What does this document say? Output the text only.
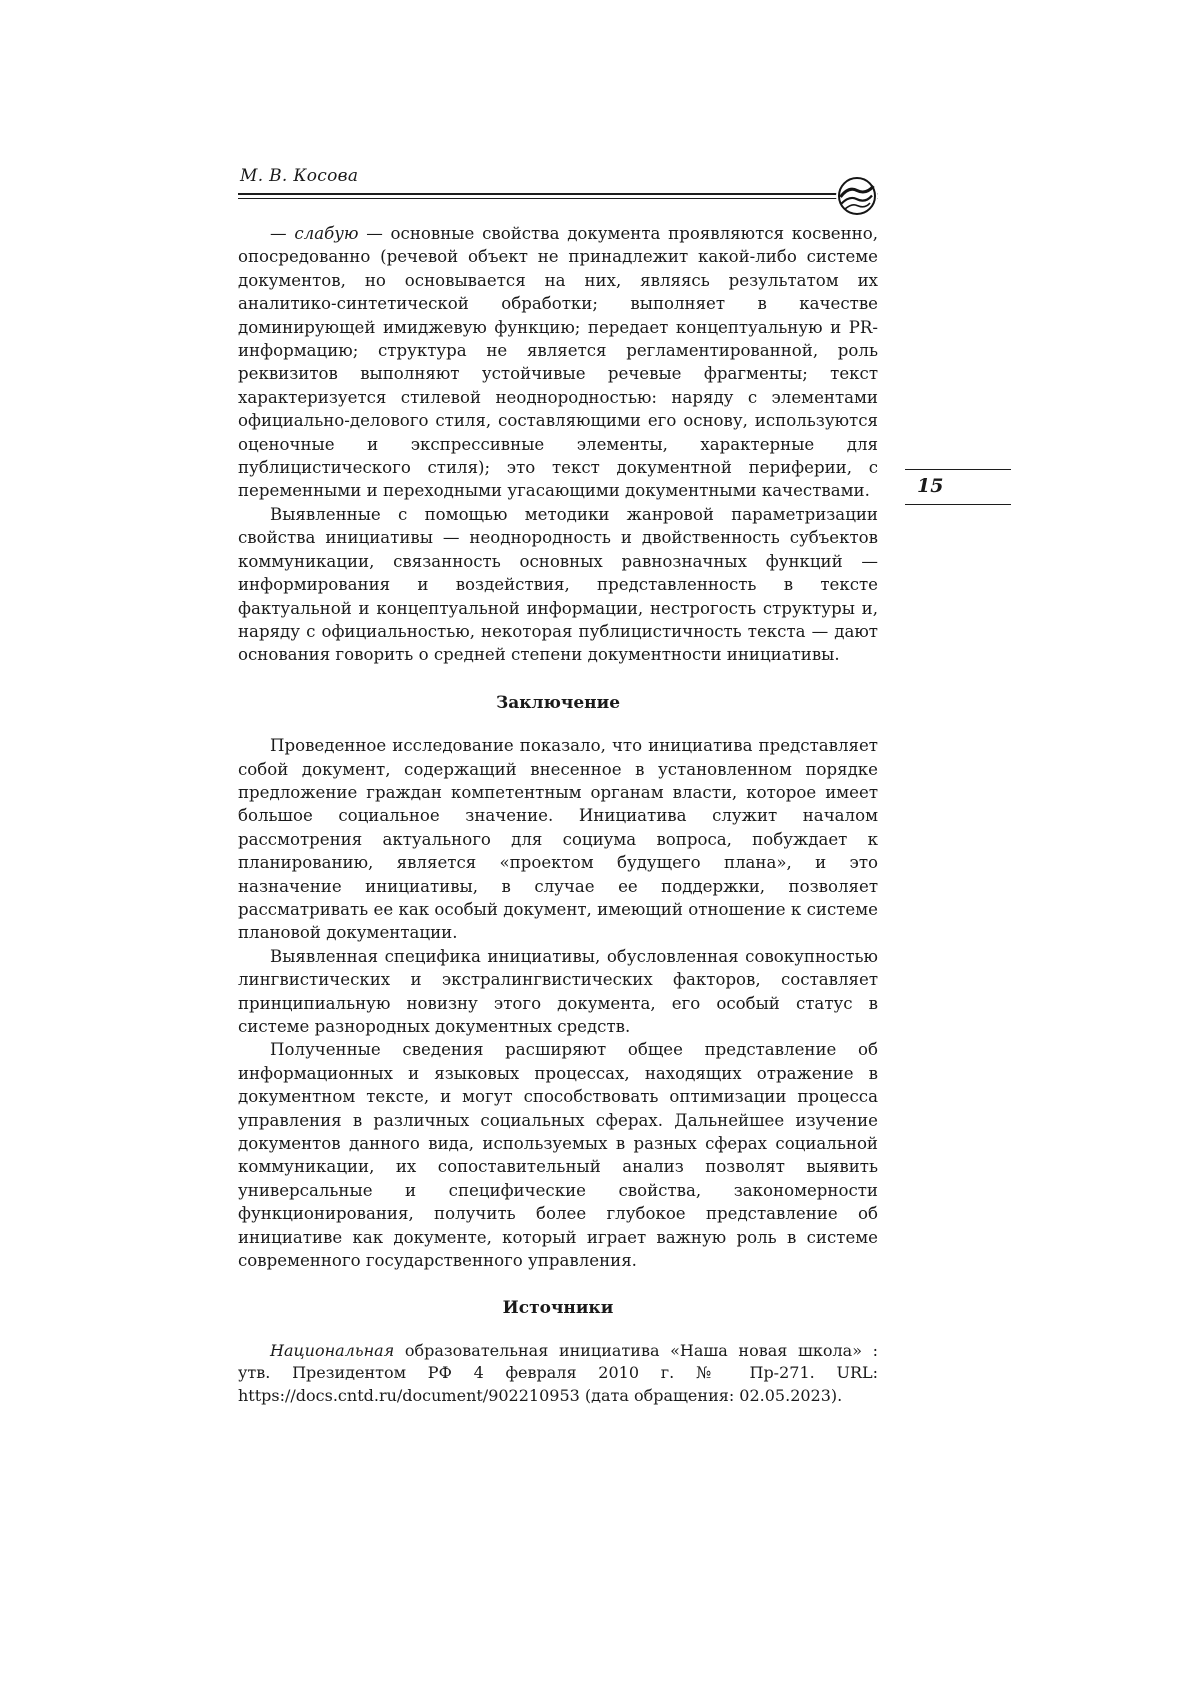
М. В. Косова
15

— слабую — основные свойства документа проявляются косвенно, опосредованно (речевой объект не принадлежит какой-либо системе документов, но основывается на них, являясь результатом их аналитико-синтетической обработки; выполняет в качестве доминирующей имиджевую функцию; передает концептуальную и PR-информацию; структура не является регламентированной, роль реквизитов выполняют устойчивые речевые фрагменты; текст характеризуется стилевой неоднородностью: наряду с элементами официально-делового стиля, составляющими его основу, используются оценочные и экспрессивные элементы, характерные для публицистического стиля); это текст документной периферии, с переменными и переходными угасающими документными качествами.

Выявленные с помощью методики жанровой параметризации свойства инициативы — неоднородность и двойственность субъектов коммуникации, связанность основных равнозначных функций — информирования и воздействия, представленность в тексте фактуальной и концептуальной информации, нестрогость структуры и, наряду с официальностью, некоторая публицистичность текста — дают основания говорить о средней степени документности инициативы.

Заключение

Проведенное исследование показало, что инициатива представляет собой документ, содержащий внесенное в установленном порядке предложение граждан компетентным органам власти, которое имеет большое социальное значение. Инициатива служит началом рассмотрения актуального для социума вопроса, побуждает к планированию, является «проектом будущего плана», и это назначение инициативы, в случае ее поддержки, позволяет рассматривать ее как особый документ, имеющий отношение к системе плановой документации.

Выявленная специфика инициативы, обусловленная совокупностью лингвистических и экстралингвистических факторов, составляет принципиальную новизну этого документа, его особый статус в системе разнородных документных средств.

Полученные сведения расширяют общее представление об информационных и языковых процессах, находящих отражение в документном тексте, и могут способствовать оптимизации процесса управления в различных социальных сферах. Дальнейшее изучение документов данного вида, используемых в разных сферах социальной коммуникации, их сопоставительный анализ позволят выявить универсальные и специфические свойства, закономерности функционирования, получить более глубокое представление об инициативе как документе, который играет важную роль в системе современного государственного управления.

Источники

Национальная образовательная инициатива «Наша новая школа» : утв. Президентом РФ 4 февраля 2010 г. № Пр-271. URL: https://docs.cntd.ru/document/902210953 (дата обращения: 02.05.2023).
